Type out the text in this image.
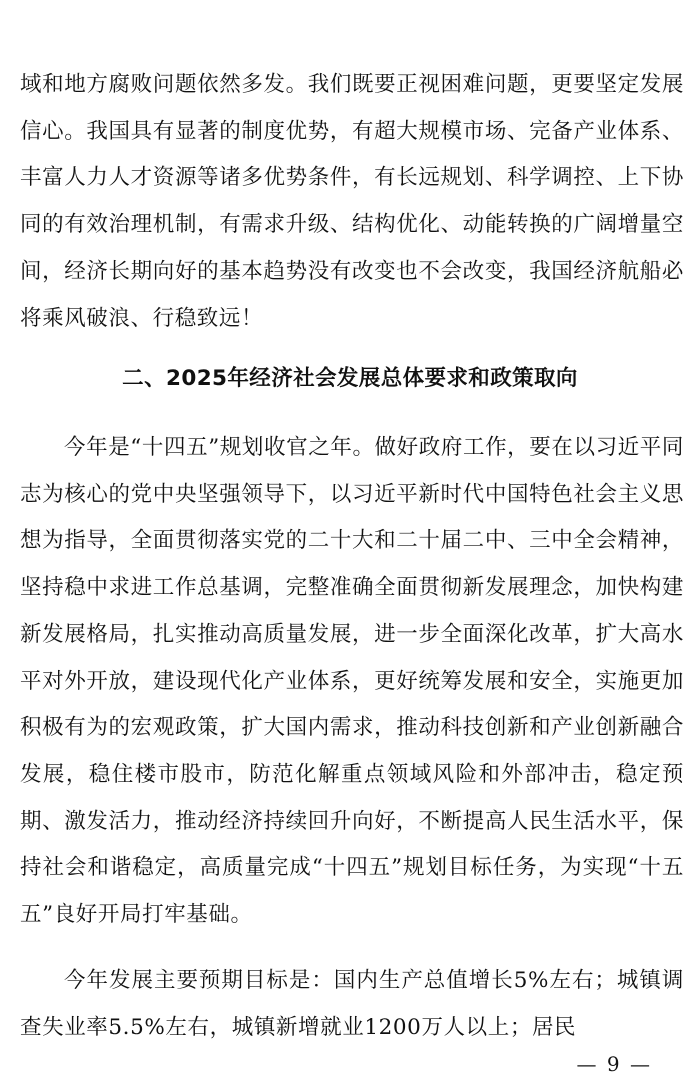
域和地方腐败问题依然多发。我们既要正视困难问题，更要坚定发展信心。我国具有显著的制度优势，有超大规模市场、完备产业体系、丰富人力人才资源等诸多优势条件，有长远规划、科学调控、上下协同的有效治理机制，有需求升级、结构优化、动能转换的广阔增量空间，经济长期向好的基本趋势没有改变也不会改变，我国经济航船必将乘风破浪、行稳致远！

二、2025年经济社会发展总体要求和政策取向

今年是“十四五”规划收官之年。做好政府工作，要在以习近平同志为核心的党中央坚强领导下，以习近平新时代中国特色社会主义思想为指导，全面贯彻落实党的二十大和二十届二中、三中全会精神，坚持稳中求进工作总基调，完整准确全面贯彻新发展理念，加快构建新发展格局，扎实推动高质量发展，进一步全面深化改革，扩大高水平对外开放，建设现代化产业体系，更好统筹发展和安全，实施更加积极有为的宏观政策，扩大国内需求，推动科技创新和产业创新融合发展，稳住楼市股市，防范化解重点领域风险和外部冲击，稳定预期、激发活力，推动经济持续回升向好，不断提高人民生活水平，保持社会和谐稳定，高质量完成“十四五”规划目标任务，为实现“十五五”良好开局打牢基础。

今年发展主要预期目标是：国内生产总值增长5%左右；城镇调查失业率5.5%左右，城镇新增就业1200万人以上；居民

— 9 —
